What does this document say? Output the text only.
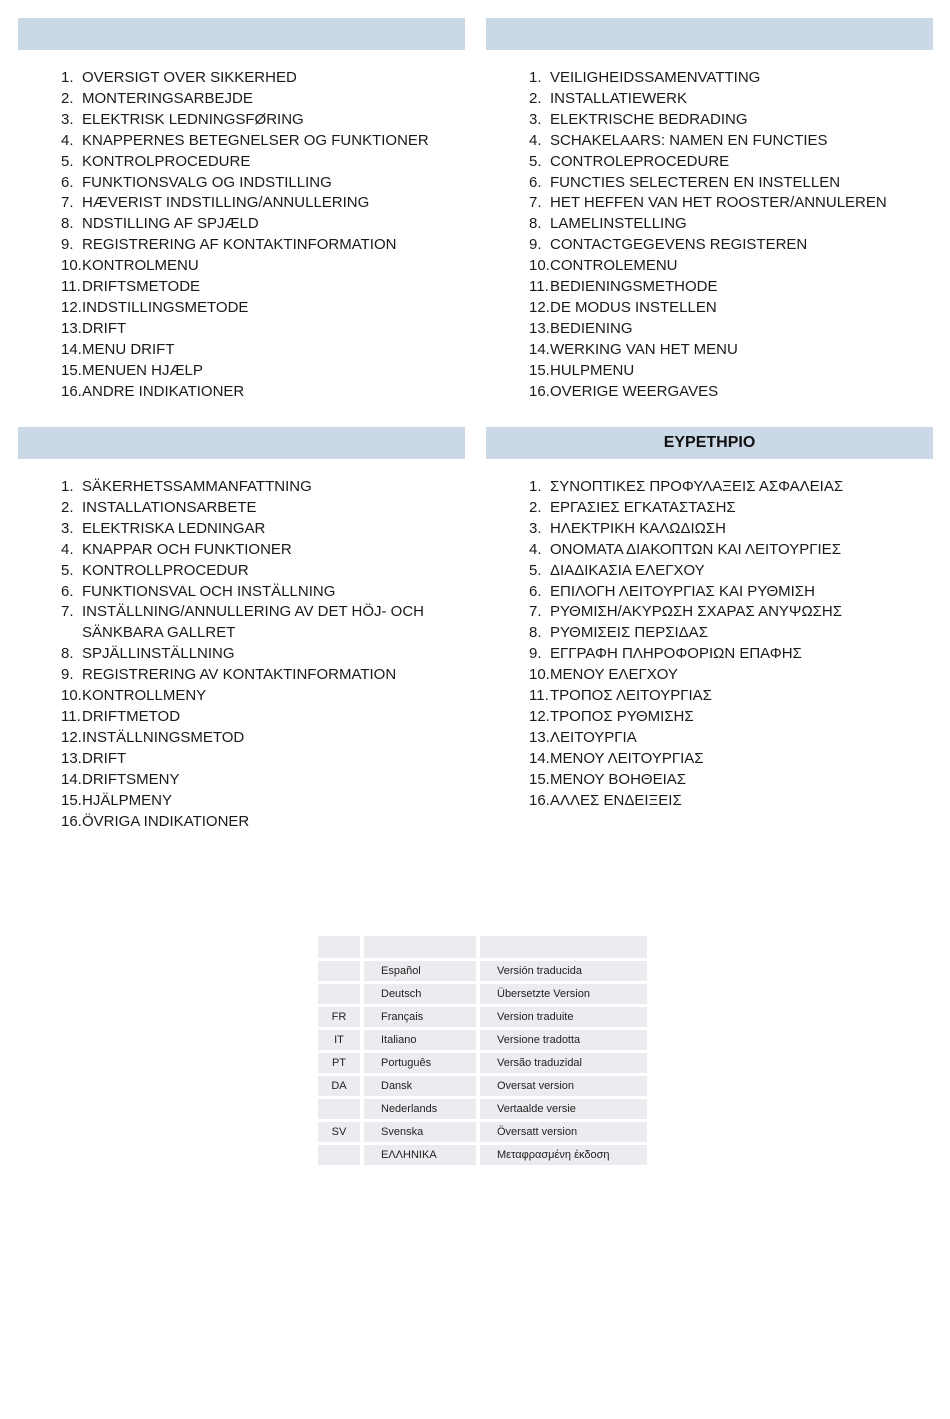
1. OVERSIGT OVER SIKKERHED
2. MONTERINGSARBEJDE
3. ELEKTRISK LEDNINGSFØRING
4. KNAPPERNES BETEGNELSER OG FUNKTIONER
5. KONTROLPROCEDURE
6. FUNKTIONSVALG OG INDSTILLING
7. HÆVERIST INDSTILLING/ANNULLERING
8. NDSTILLING AF SPJÆLD
9. REGISTRERING AF KONTAKTINFORMATION
10. KONTROLMENU
11. DRIFTSMETODE
12. INDSTILLINGSMETODE
13. DRIFT
14. MENU DRIFT
15. MENUEN HJÆLP
16. ANDRE INDIKATIONER
1. VEILIGHEIDSSAMENVATTING
2. INSTALLATIEWERK
3. ELEKTRISCHE BEDRADING
4. SCHAKELAARS: NAMEN EN FUNCTIES
5. CONTROLEPROCEDURE
6. FUNCTIES SELECTEREN EN INSTELLEN
7. HET HEFFEN VAN HET ROOSTER/ANNULEREN
8. LAMELINSTELLING
9. CONTACTGEGEVENS REGISTEREN
10. CONTROLEMENU
11. BEDIENINGSMETHODE
12. DE MODUS INSTELLEN
13. BEDIENING
14. WERKING VAN HET MENU
15. HULPMENU
16. OVERIGE WEERGAVES
1. SÄKERHETSSAMMANFATTNING
2. INSTALLATIONSARBETE
3. ELEKTRISKA LEDNINGAR
4. KNAPPAR OCH FUNKTIONER
5. KONTROLLPROCEDUR
6. FUNKTIONSVAL OCH INSTÄLLNING
7. INSTÄLLNING/ANNULLERING AV DET HÖJ- OCH SÄNKBARA GALLRET
8. SPJÄLLINSTÄLLNING
9. REGISTRERING AV KONTAKTINFORMATION
10. KONTROLLMENY
11. DRIFTMETOD
12. INSTÄLLNINGSMETOD
13. DRIFT
14. DRIFTSMENY
15. HJÄLPMENY
16. ÖVRIGA INDIKATIONER
ΕΥΡΕΤΗΡΙΟ
1. ΣΥΝΟΠΤΙΚΕΣ ΠΡΟΦΥΛΑΞΕΙΣ ΑΣΦΑΛΕΙΑΣ
2. ΕΡΓΑΣΙΕΣ ΕΓΚΑΤΑΣΤΑΣΗΣ
3. ΗΛΕΚΤΡΙΚΗ ΚΑΛΩΔΙΩΣΗ
4. ΟΝΟΜΑΤΑ ΔΙΑΚΟΠΤΩΝ ΚΑΙ ΛΕΙΤΟΥΡΓΙΕΣ
5. ΔΙΑΔΙΚΑΣΙΑ ΕΛΕΓΧΟΥ
6. ΕΠΙΛΟΓΗ ΛΕΙΤΟΥΡΓΙΑΣ ΚΑΙ ΡΥΘΜΙΣΗ
7. ΡΥΘΜΙΣΗ/ΑΚΥΡΩΣΗ ΣΧΑΡΑΣ ΑΝΥΨΩΣΗΣ
8. ΡΥΘΜΙΣΕΙΣ ΠΕΡΣΙΔΑΣ
9. ΕΓΓΡΑΦΗ ΠΛΗΡΟΦΟΡΙΩΝ ΕΠΑΦΗΣ
10. ΜΕΝΟΥ ΕΛΕΓΧΟΥ
11. ΤΡΟΠΟΣ ΛΕΙΤΟΥΡΓΙΑΣ
12. ΤΡΟΠΟΣ ΡΥΘΜΙΣΗΣ
13. ΛΕΙΤΟΥΡΓΙΑ
14. ΜΕΝΟΥ ΛΕΙΤΟΥΡΓΙΑΣ
15. ΜΕΝΟΥ ΒΟΗΘΕΙΑΣ
16. ΑΛΛΕΣ ΕΝΔΕΙΞΕΙΣ

		Español		Versión traducida
		Deutsch		Übersetzte Version
FR		Français		Version traduite
IT		Italiano		Versione tradotta
PT		Português		Versão traduzidal
DA		Dansk		Oversat version
		Nederlands		Vertaalde versie
SV		Svenska		Översatt version
		ΕΛΛΗΝΙΚΑ		Μεταφρασμένη έκδοση
